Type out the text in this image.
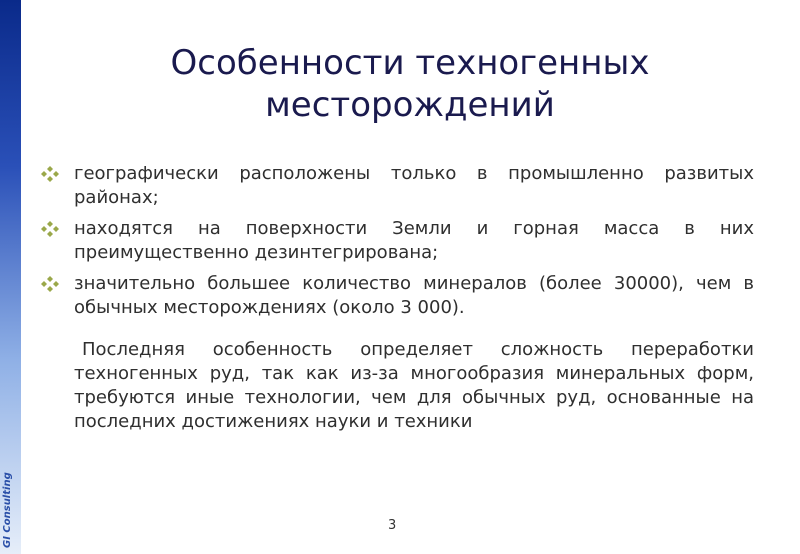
GI Consulting
Особенности техногенных
месторождений
географически расположены только в промышленно развитых районах;
находятся на поверхности Земли и горная масса в них преимущественно дезинтегрирована;
значительно большее количество минералов (более 30000), чем в обычных месторождениях (около 3 000).

Последняя особенность определяет сложность переработки техногенных руд, так как из-за многообразия минеральных форм, требуются иные технологии, чем для обычных руд, основанные на последних достижениях науки и техники

3
